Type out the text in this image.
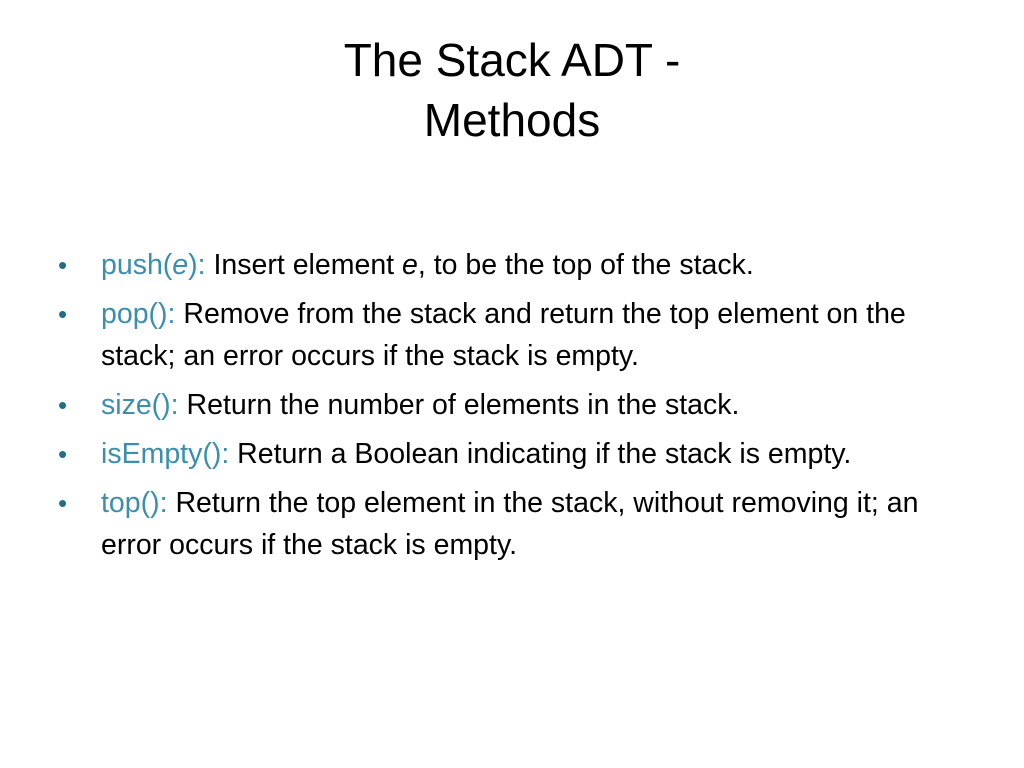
The Stack ADT -
Methods
•	push(e): Insert element e, to be the top of the stack.
•	pop(): Remove from the stack and return the top element on the stack; an error occurs if the stack is empty.
•	size(): Return the number of elements in the stack.
•	isEmpty(): Return a Boolean indicating if the stack is empty.
•	top(): Return the top element in the stack, without removing it; an error occurs if the stack is empty.
